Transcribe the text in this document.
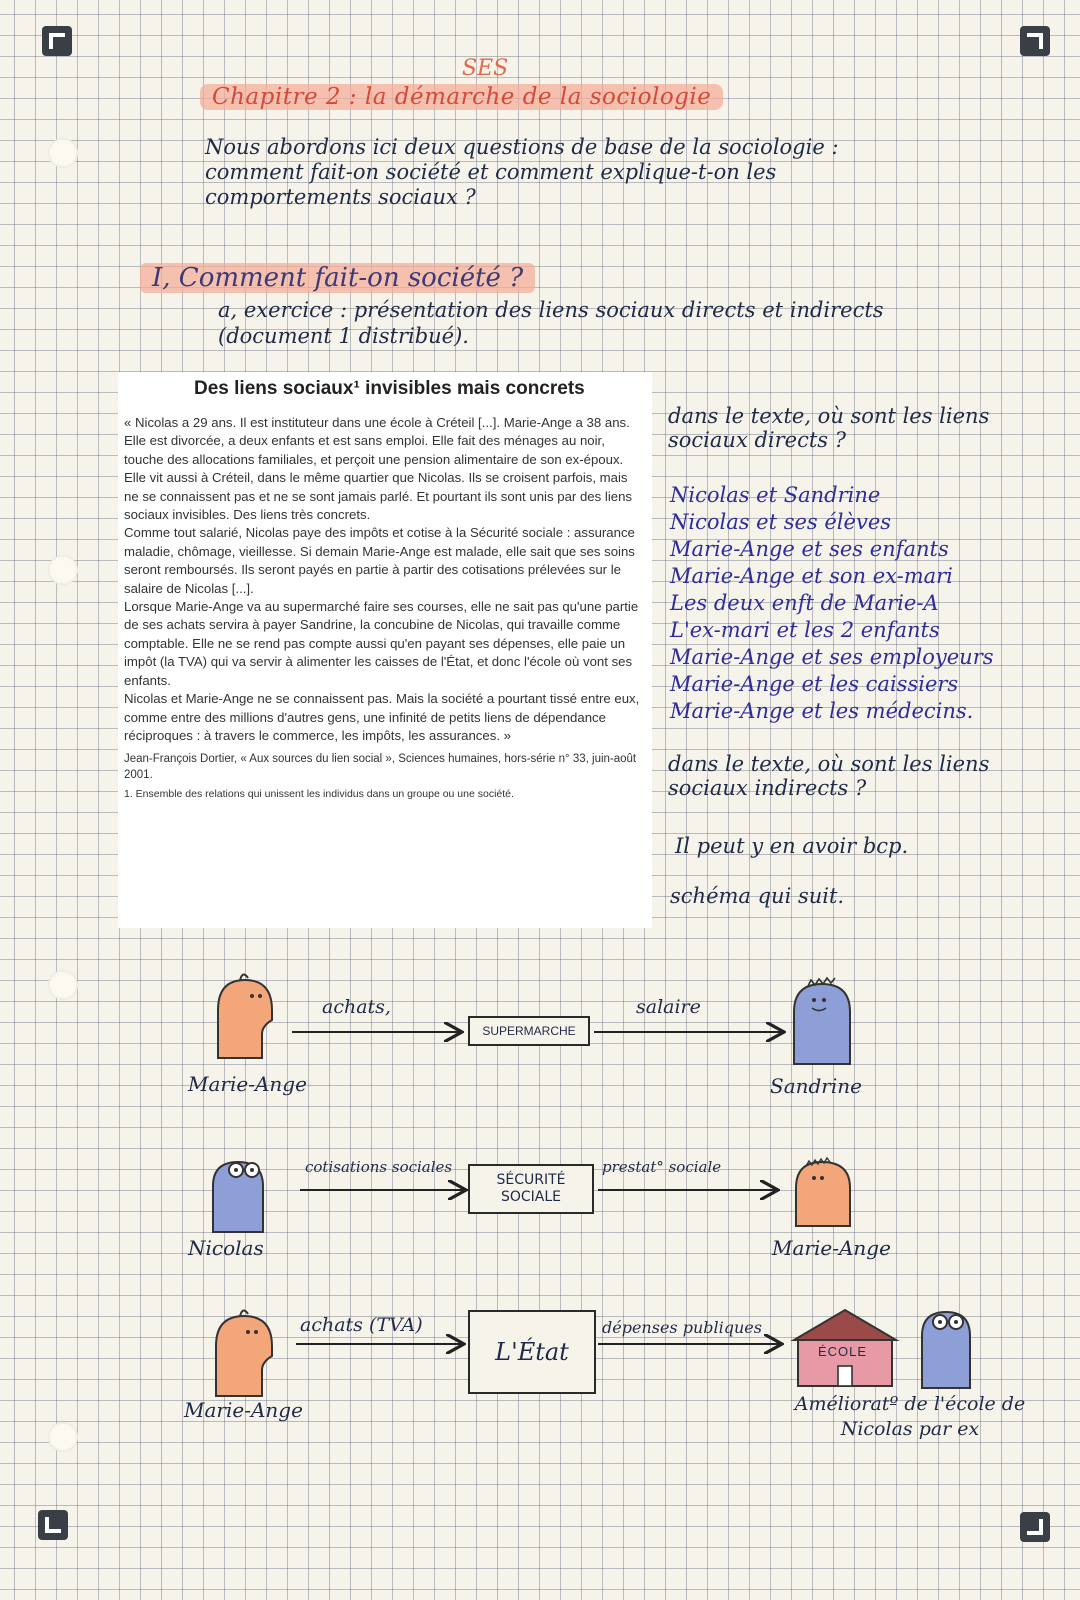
SES
Chapitre 2 : la démarche de la sociologie
Nous abordons ici deux questions de base de la sociologie : comment fait-on société et comment explique-t-on les comportements sociaux ?
I, Comment fait-on société ?
a, exercice : présentation des liens sociaux directs et indirects (document 1 distribué).
Des liens sociaux¹ invisibles mais concrets

« Nicolas a 29 ans. Il est instituteur dans une école à Créteil [...]. Marie-Ange a 38 ans. Elle est divorcée, a deux enfants et est sans emploi. Elle fait des ménages au noir, touche des allocations familiales, et perçoit une pension alimentaire de son ex-époux. Elle vit aussi à Créteil, dans le même quartier que Nicolas. Ils se croisent parfois, mais ne se connaissent pas et ne se sont jamais parlé. Et pourtant ils sont unis par des liens sociaux invisibles. Des liens très concrets.

Comme tout salarié, Nicolas paye des impôts et cotise à la Sécurité sociale : assurance maladie, chômage, vieillesse. Si demain Marie-Ange est malade, elle sait que ses soins seront remboursés. Ils seront payés en partie à partir des cotisations prélevées sur le salaire de Nicolas [...].

Lorsque Marie-Ange va au supermarché faire ses courses, elle ne sait pas qu'une partie de ses achats servira à payer Sandrine, la concubine de Nicolas, qui travaille comme comptable. Elle ne se rend pas compte aussi qu'en payant ses dépenses, elle paie un impôt (la TVA) qui va servir à alimenter les caisses de l'État, et donc l'école où vont ses enfants.

Nicolas et Marie-Ange ne se connaissent pas. Mais la société a pourtant tissé entre eux, comme entre des millions d'autres gens, une infinité de petits liens de dépendance réciproques : à travers le commerce, les impôts, les assurances. »

Jean-François Dortier, « Aux sources du lien social », Sciences humaines, hors-série n° 33, juin-août 2001.
1. Ensemble des relations qui unissent les individus dans un groupe ou une société.
dans le texte, où sont les liens sociaux directs ?
Nicolas et Sandrine
Nicolas et ses élèves
Marie-Ange et ses enfants
Marie-Ange et son ex-mari
Les deux enft de Marie-A
L'ex-mari et les 2 enfants
Marie-Ange et ses employeurs
Marie-Ange et les caissiers
Marie-Ange et les médecins.
dans le texte, où sont les liens sociaux indirects ?
Il peut y en avoir bcp.
schéma qui suit.
achats,
SUPERMARCHE
salaire
Marie-Ange	Sandrine
cotisations sociales
SÉCURITÉ SOCIALE
prestat° sociale
Nicolas	Marie-Ange
achats (TVA)
L'État
dépenses publiques
ÉCOLE
Marie-Ange	Amélioratº de l'école de Nicolas par ex
